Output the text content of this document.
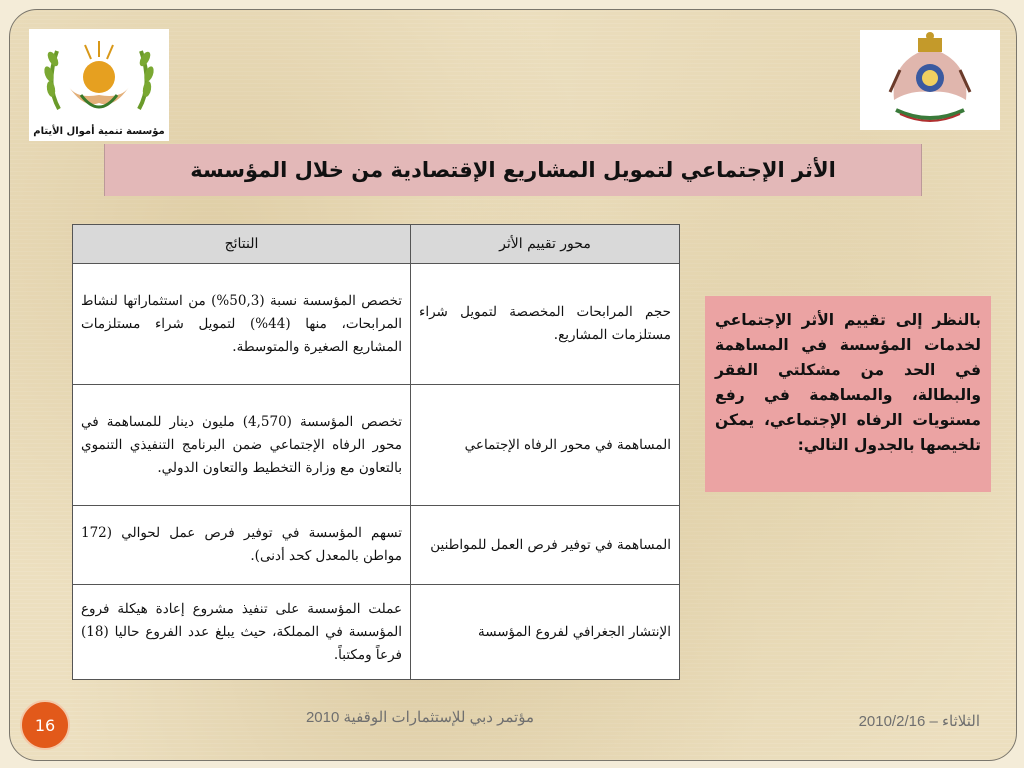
مؤسسة تنمية أموال الأيتام
الأثر الإجتماعي لتمويل المشاريع الإقتصادية من خلال المؤسسة
محور تقييم الأثر	النتائج
حجم المرابحات المخصصة لتمويل شراء مستلزمات المشاريع.	تخصص المؤسسة نسبة (50,3%) من استثماراتها لنشاط المرابحات، منها (44%) لتمويل شراء مستلزمات المشاريع الصغيرة والمتوسطة.
المساهمة في محور الرفاه الإجتماعي	تخصص المؤسسة (4,570) مليون دينار للمساهمة في محور الرفاه الإجتماعي ضمن البرنامج التنفيذي التنموي بالتعاون مع وزارة التخطيط والتعاون الدولي.
المساهمة في توفير فرص العمل للمواطنين	تسهم المؤسسة في توفير فرص عمل لحوالي (172 مواطن بالمعدل كحد أدنى).
الإنتشار الجغرافي لفروع المؤسسة	عملت المؤسسة على تنفيذ مشروع إعادة هيكلة فروع المؤسسة في المملكة، حيث يبلغ عدد الفروع حاليا (18) فرعاً ومكتباً.
بالنظر إلى تقييم الأثر الإجتماعي لخدمات المؤسسة في المساهمة في الحد من مشكلتي الفقر والبطالة، والمساهمة في رفع مستويات الرفاه الإجتماعي، يمكن تلخيصها بالجدول التالي:
16	مؤتمر دبي للإستثمارات الوقفية 2010	الثلاثاء – 2010/2/16
